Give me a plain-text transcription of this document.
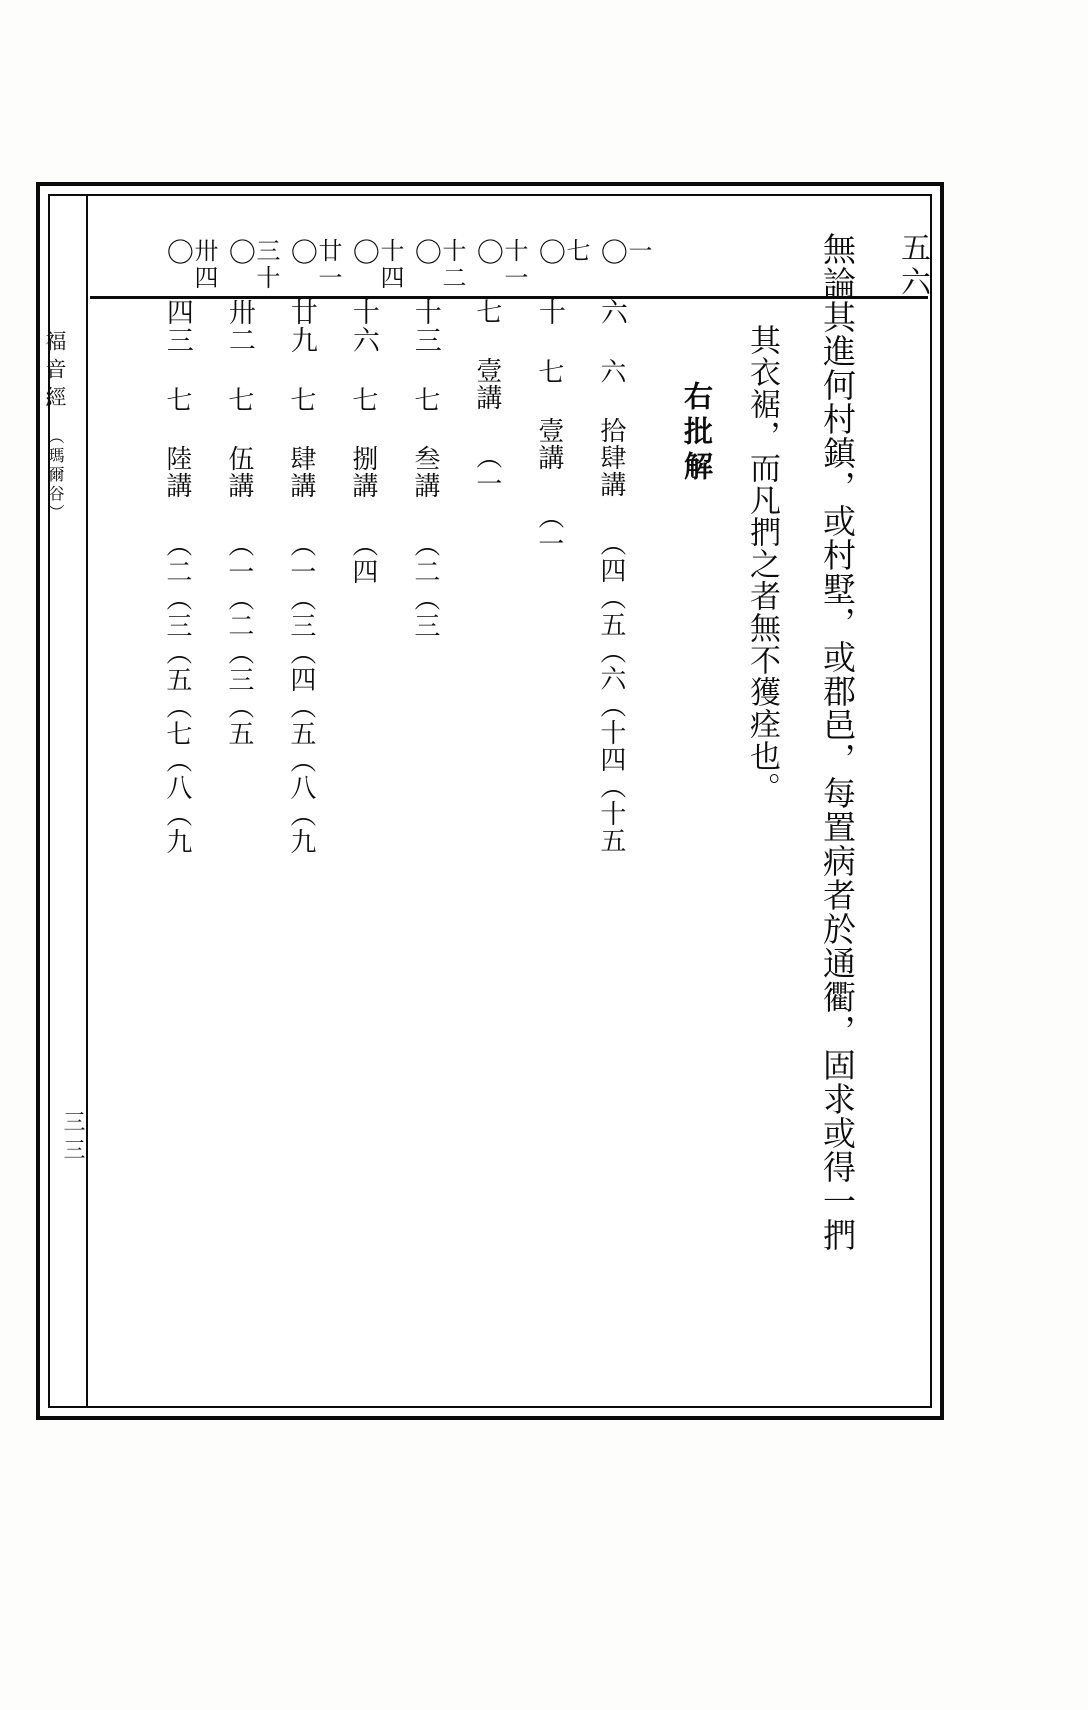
福音經
（瑪爾谷）
三三
五六
無論其進何村鎮，或村墅，或郡邑，每置病者於通衢，固求或得一捫
其衣裾，而凡捫之者無不獲痊也。
右批解
一
〇 六 六 拾肆講 （四（五（六（十四（十五
七
〇 十 七 壹講 （一
十一
〇 七 壹講 （一
十二
〇 十三 七 叁講 （二（三
十四
〇 十六 七 捌講 （四
廿一
〇 廿九 七 肆講 （一（三（四（五（八（九
三十
〇 卅二 七 伍講 （一（二（三（五
卅四
〇 四三 七 陸講 （二（三（五（七（八（九
